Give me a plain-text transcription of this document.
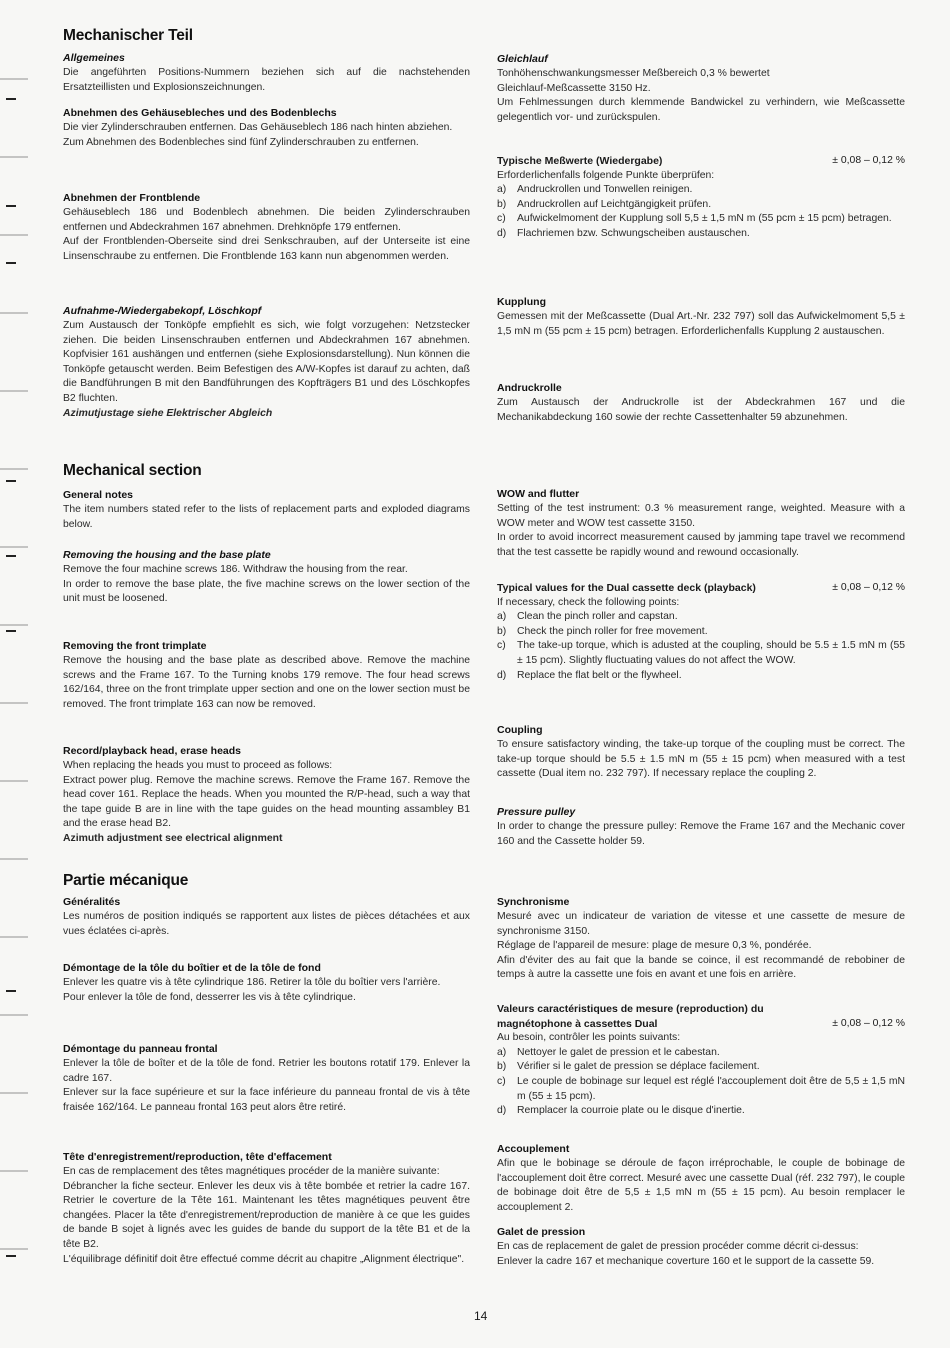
Mechanischer Teil
Allgemeines

Die angeführten Positions-Nummern beziehen sich auf die nachstehenden Ersatzteillisten und Explosionszeichnungen.

Abnehmen des Gehäusebleches und des Bodenblechs

Die vier Zylinderschrauben entfernen. Das Gehäuseblech 186 nach hinten abziehen.

Zum Abnehmen des Bodenbleches sind fünf Zylinderschrauben zu entfernen.

Abnehmen der Frontblende

Gehäuseblech 186 und Bodenblech abnehmen. Die beiden Zylinderschrauben entfernen und Abdeckrahmen 167 abnehmen. Drehknöpfe 179 entfernen.

Auf der Frontblenden-Oberseite sind drei Senkschrauben, auf der Unterseite ist eine Linsenschraube zu entfernen. Die Frontblende 163 kann nun abgenommen werden.

Aufnahme-/Wiedergabekopf, Löschkopf

Zum Austausch der Tonköpfe empfiehlt es sich, wie folgt vorzugehen: Netzstecker ziehen. Die beiden Linsenschrauben entfernen und Abdeckrahmen 167 abnehmen. Kopfvisier 161 aushängen und entfernen (siehe Explosionsdarstellung). Nun können die Tonköpfe getauscht werden. Beim Befestigen des A/W-Kopfes ist darauf zu achten, daß die Bandführungen B mit den Bandführungen des Kopfträgers B1 und des Löschkopfes B2 fluchten.

Azimutjustage siehe Elektrischer Abgleich

Mechanical section
General notes

The item numbers stated refer to the lists of replacement parts and exploded diagrams below.

Removing the housing and the base plate

Remove the four machine screws 186. Withdraw the housing from the rear.

In order to remove the base plate, the five machine screws on the lower section of the unit must be loosened.

Removing the front trimplate

Remove the housing and the base plate as described above. Remove the machine screws and the Frame 167. To the Turning knobs 179 remove. The four head screws 162/164, three on the front trimplate upper section and one on the lower section must be removed. The front trimplate 163 can now be removed.

Record/playback head, erase heads

When replacing the heads you must to proceed as follows:

Extract power plug. Remove the machine screws. Remove the Frame 167. Remove the head cover 161. Replace the heads. When you mounted the R/P-head, such a way that the tape guide B are in line with the tape guides on the head mounting assambley B1 and the erase head B2.

Azimuth adjustment see electrical alignment

Partie mécanique
Généralités

Les numéros de position indiqués se rapportent aux listes de pièces détachées et aux vues éclatées ci-après.

Démontage de la tôle du boîtier et de la tôle de fond

Enlever les quatre vis à tête cylindrique 186. Retirer la tôle du boîtier vers l'arrière.

Pour enlever la tôle de fond, desserrer les vis à tête cylindrique.

Démontage du panneau frontal

Enlever la tôle de boîter et de la tôle de fond. Retrier les boutons rotatif 179. Enlever la cadre 167.

Enlever sur la face supérieure et sur la face inférieure du panneau frontal de vis à tête fraisée 162/164. Le panneau frontal 163 peut alors être retiré.

Tête d'enregistrement/reproduction, tête d'effacement

En cas de remplacement des têtes magnétiques procéder de la manière suivante:

Débrancher la fiche secteur. Enlever les deux vis à tête bombée et retrier la cadre 167. Retrier le coverture de la Tête 161. Maintenant les têtes magnétiques peuvent être changées. Placer la tête d'enregistrement/reproduction de manière à ce que les guides de bande B sojet à lignés avec les guides de bande du support de la tête B1 et de la tête B2.

L'équilibrage définitif doit être effectué comme décrit au chapitre „Alignment électrique".

Gleichlauf

Tonhöhenschwankungsmesser Meßbereich 0,3 % bewertet

Gleichlauf-Meßcassette 3150 Hz.

Um Fehlmessungen durch klemmende Bandwickel zu verhindern, wie Meßcassette gelegentlich vor- und zurückspulen.

Typische Meßwerte (Wiedergabe)	± 0,08 – 0,12 %

Erforderlichenfalls folgende Punkte überprüfen:

a)	Andruckrollen und Tonwellen reinigen.
b)	Andruckrollen auf Leichtgängigkeit prüfen.
c)	Aufwickelmoment der Kupplung soll 5,5 ± 1,5 mN m (55 pcm ± 15 pcm) betragen.
d)	Flachriemen bzw. Schwungscheiben austauschen.
Kupplung

Gemessen mit der Meßcassette (Dual Art.-Nr. 232 797) soll das Aufwickelmoment 5,5 ± 1,5 mN m (55 pcm ± 15 pcm) betragen. Erforderlichenfalls Kupplung 2 austauschen.

Andruckrolle

Zum Austausch der Andruckrolle ist der Abdeckrahmen 167 und die Mechanikabdeckung 160 sowie der rechte Cassettenhalter 59 abzunehmen.

WOW and flutter

Setting of the test instrument: 0.3 % measurement range, weighted. Measure with a WOW meter and WOW test cassette 3150.

In order to avoid incorrect measurement caused by jamming tape travel we recommend that the test cassette be rapidly wound and rewound occasionally.

Typical values for the Dual cassette deck (playback)	± 0,08 – 0,12 %

If necessary, check the following points:

a)	Clean the pinch roller and capstan.
b)	Check the pinch roller for free movement.
c)	The take-up torque, which is adusted at the coupling, should be 5.5 ± 1.5 mN m (55 ± 15 pcm). Slightly fluctuating values do not affect the WOW.
d)	Replace the flat belt or the flywheel.
Coupling

To ensure satisfactory winding, the take-up torque of the coupling must be correct. The take-up torque should be 5.5 ± 1.5 mN m (55 ± 15 pcm) when measured with a test cassette (Dual item no. 232 797). If necessary replace the coupling 2.

Pressure pulley

In order to change the pressure pulley: Remove the Frame 167 and the Mechanic cover 160 and the Cassette holder 59.

Synchronisme

Mesuré avec un indicateur de variation de vitesse et une cassette de mesure de synchronisme 3150.

Réglage de l'appareil de mesure: plage de mesure 0,3 %, pondérée.

Afin d'éviter des au fait que la bande se coince, il est recommandé de rebobiner de temps à autre la cassette une fois en avant et une fois en arrière.

Valeurs caractéristiques de mesure (reproduction) du magnétophone à cassettes Dual	± 0,08 – 0,12 %

Au besoin, contrôler les points suivants:

a)	Nettoyer le galet de pression et le cabestan.
b)	Vérifier si le galet de pression se déplace facilement.
c)	Le couple de bobinage sur lequel est réglé l'accouplement doit être de 5,5 ± 1,5 mN m (55 ± 15 pcm).
d)	Remplacer la courroie plate ou le disque d'inertie.
Accouplement

Afin que le bobinage se déroule de façon irréprochable, le couple de bobinage de l'accouplement doit être correct. Mesuré avec une cassette Dual (réf. 232 797), le couple de bobinage doit être de 5,5 ± 1,5 mN m (55 ± 15 pcm). Au besoin remplacer le accouplement 2.

Galet de pression

En cas de replacement de galet de pression procéder comme décrit ci-dessus:

Enlever la cadre 167 et mechanique coverture 160 et le support de la cassette 59.

14
